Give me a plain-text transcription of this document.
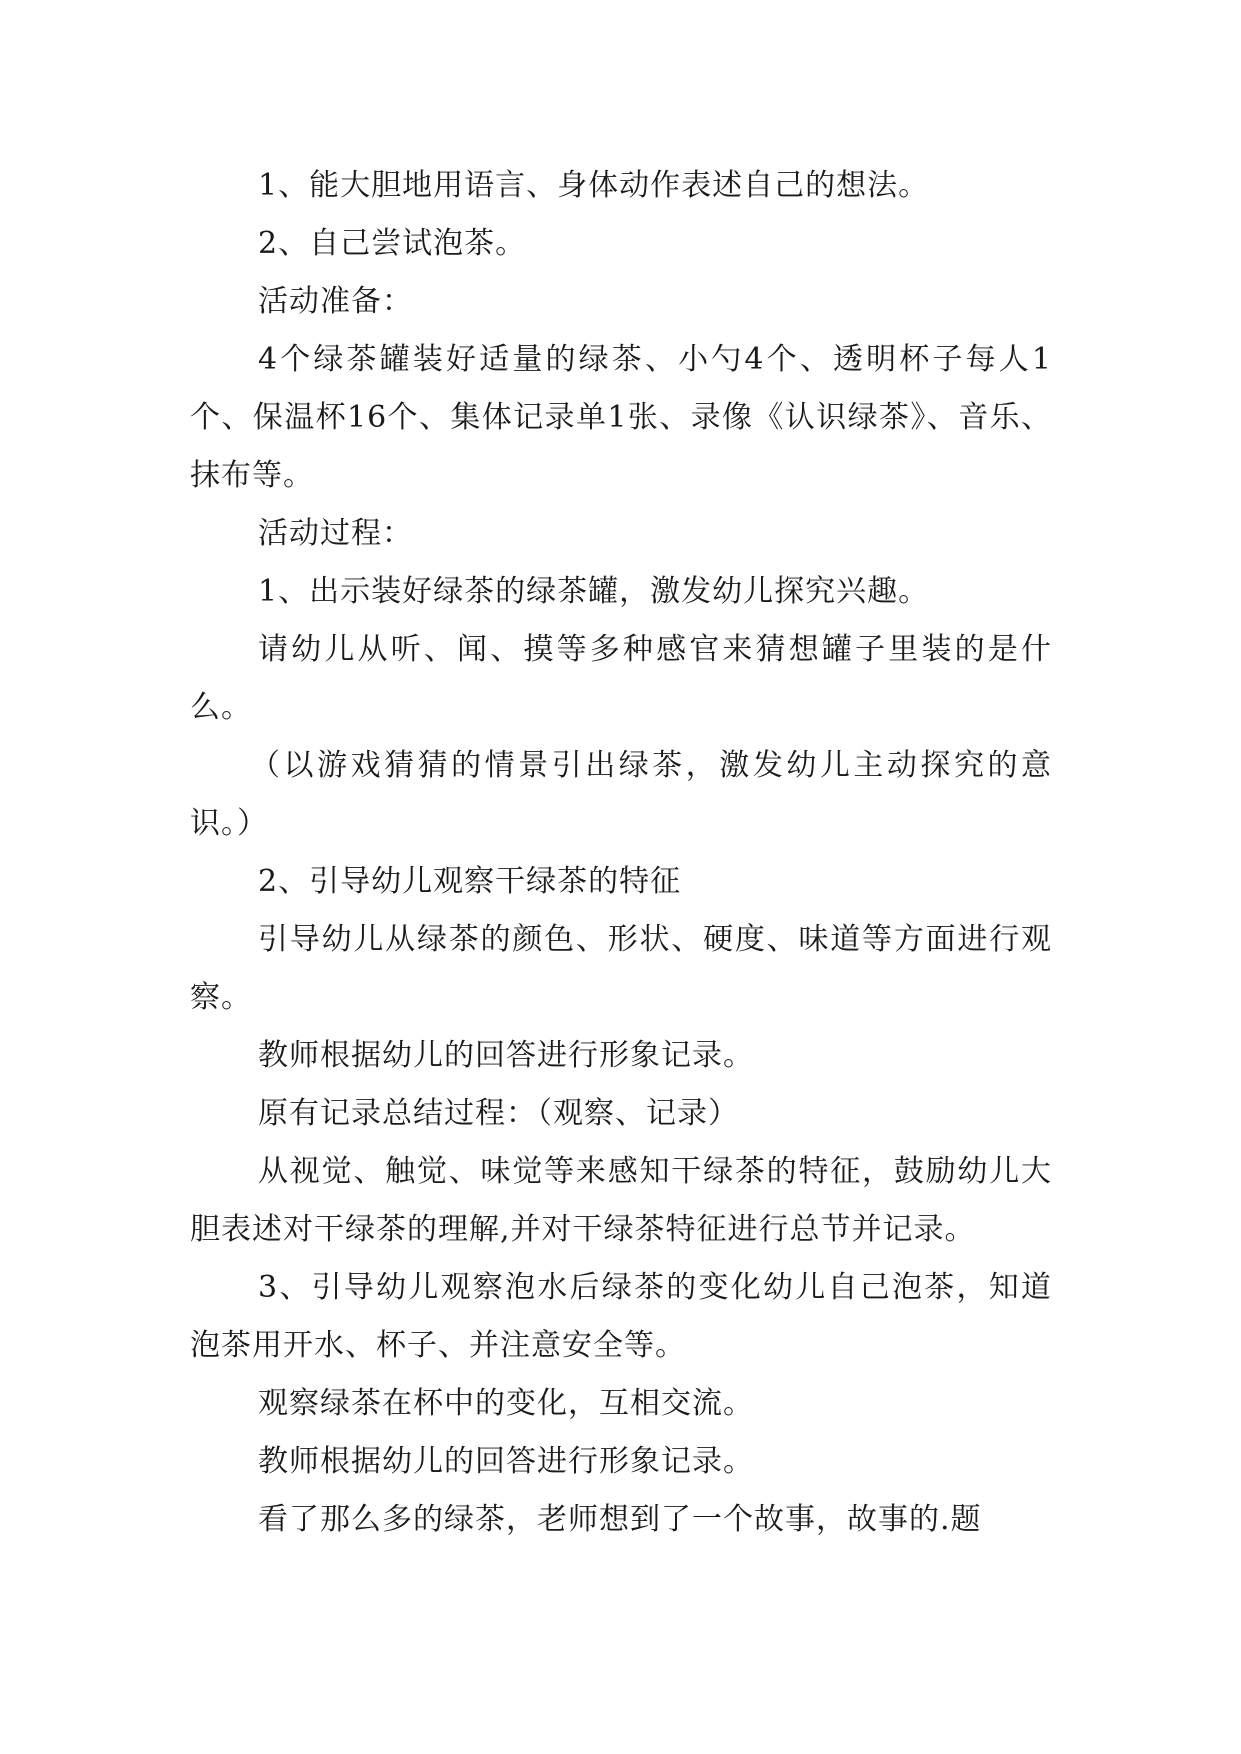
1、能大胆地用语言、身体动作表述自己的想法。

2、自己尝试泡茶。

活动准备：

4个绿茶罐装好适量的绿茶、小勺4个、透明杯子每人1个、保温杯16个、集体记录单1张、录像《认识绿茶》、音乐、抹布等。

活动过程：

1、出示装好绿茶的绿茶罐，激发幼儿探究兴趣。

请幼儿从听、闻、摸等多种感官来猜想罐子里装的是什么。

（以游戏猜猜的情景引出绿茶，激发幼儿主动探究的意识。）

2、引导幼儿观察干绿茶的特征

引导幼儿从绿茶的颜色、形状、硬度、味道等方面进行观察。

教师根据幼儿的回答进行形象记录。

原有记录总结过程：（观察、记录）

从视觉、触觉、味觉等来感知干绿茶的特征，鼓励幼儿大胆表述对干绿茶的理解,并对干绿茶特征进行总节并记录。

3、引导幼儿观察泡水后绿茶的变化幼儿自己泡茶，知道泡茶用开水、杯子、并注意安全等。

观察绿茶在杯中的变化，互相交流。

教师根据幼儿的回答进行形象记录。

看了那么多的绿茶，老师想到了一个故事，故事的.题
